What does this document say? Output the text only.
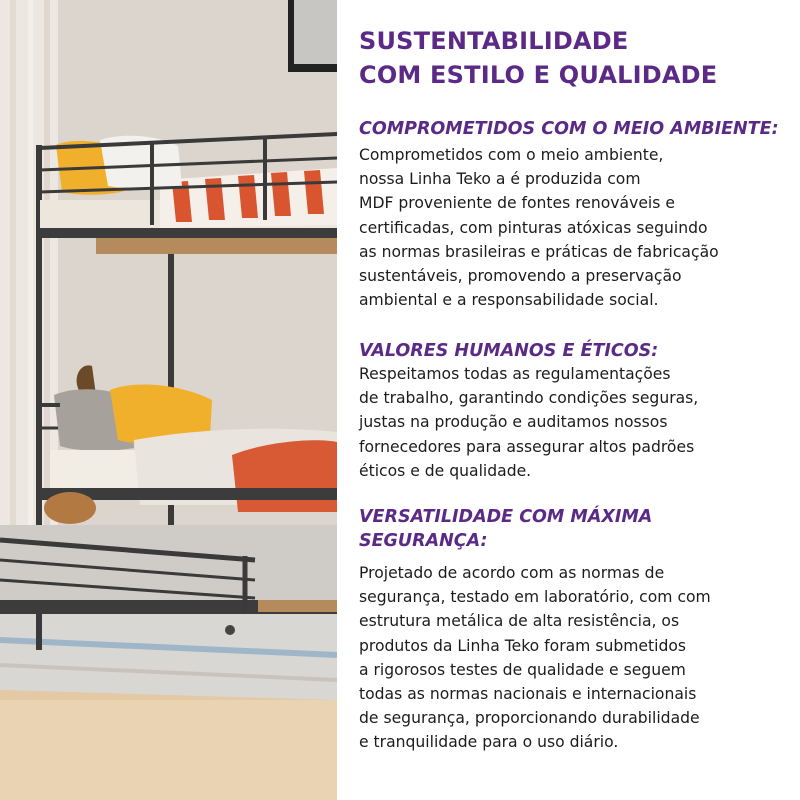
SUSTENTABILIDADE
COM ESTILO E QUALIDADE
COMPROMETIDOS COM O MEIO AMBIENTE:
Comprometidos com o meio ambiente,
nossa Linha Teko a é produzida com
MDF proveniente de fontes renováveis e
certificadas, com pinturas atóxicas seguindo
as normas brasileiras e práticas de fabricação
sustentáveis, promovendo a preservação
ambiental e a responsabilidade social.
VALORES HUMANOS E ÉTICOS:
Respeitamos todas as regulamentações
de trabalho, garantindo condições seguras,
justas na produção e auditamos nossos
fornecedores para assegurar altos padrões
éticos e de qualidade.
VERSATILIDADE COM MÁXIMA
SEGURANÇA:
Projetado de acordo com as normas de
segurança, testado em laboratório, com com
estrutura metálica de alta resistência, os
produtos da Linha Teko foram submetidos
a rigorosos testes de qualidade e seguem
todas as normas nacionais e internacionais
de segurança, proporcionando durabilidade
e tranquilidade para o uso diário.
